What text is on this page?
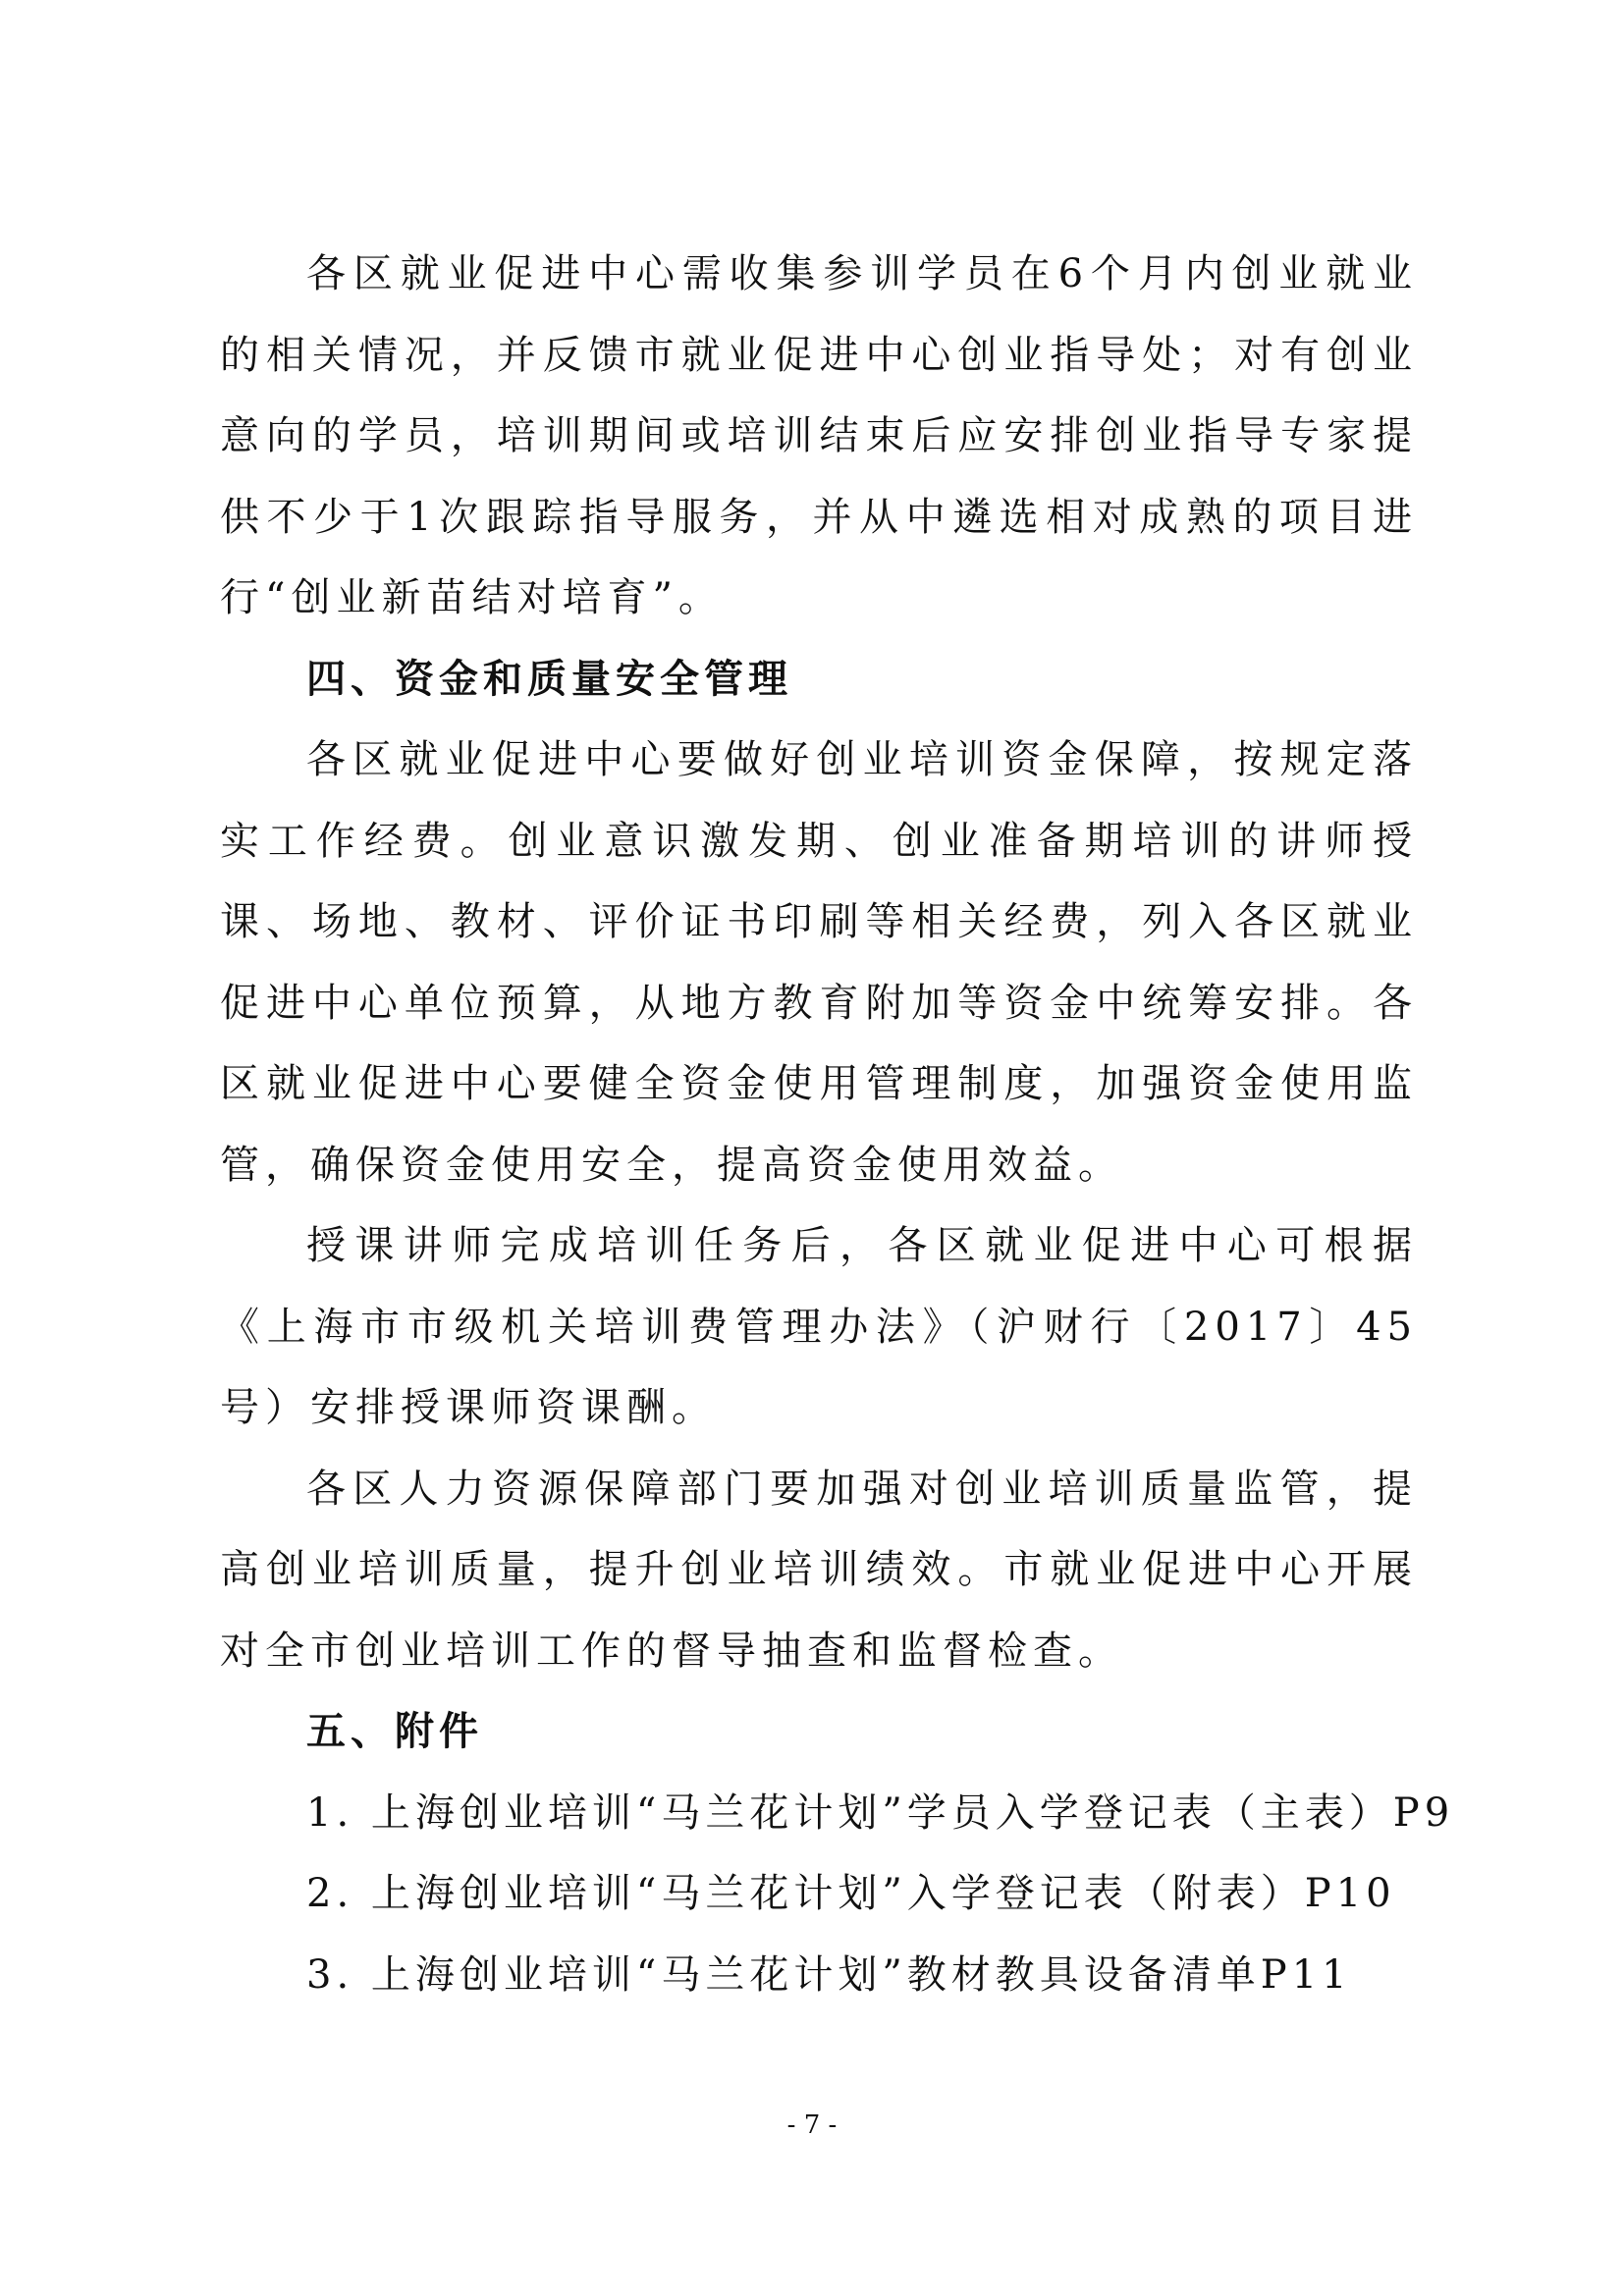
各区就业促进中心需收集参训学员在6个月内创业就业的相关情况，并反馈市就业促进中心创业指导处；对有创业意向的学员，培训期间或培训结束后应安排创业指导专家提供不少于1次跟踪指导服务，并从中遴选相对成熟的项目进行“创业新苗结对培育”。

四、资金和质量安全管理

各区就业促进中心要做好创业培训资金保障，按规定落实工作经费。创业意识激发期、创业准备期培训的讲师授课、场地、教材、评价证书印刷等相关经费，列入各区就业促进中心单位预算，从地方教育附加等资金中统筹安排。各区就业促进中心要健全资金使用管理制度，加强资金使用监管，确保资金使用安全，提高资金使用效益。

授课讲师完成培训任务后，各区就业促进中心可根据《上海市市级机关培训费管理办法》（沪财行〔2017〕45号）安排授课师资课酬。

各区人力资源保障部门要加强对创业培训质量监管，提高创业培训质量，提升创业培训绩效。市就业促进中心开展对全市创业培训工作的督导抽查和监督检查。

五、附件

1. 上海创业培训“马兰花计划”学员入学登记表（主表）P9

2. 上海创业培训“马兰花计划”入学登记表（附表）P10

3. 上海创业培训“马兰花计划”教材教具设备清单P11

- 7 -
